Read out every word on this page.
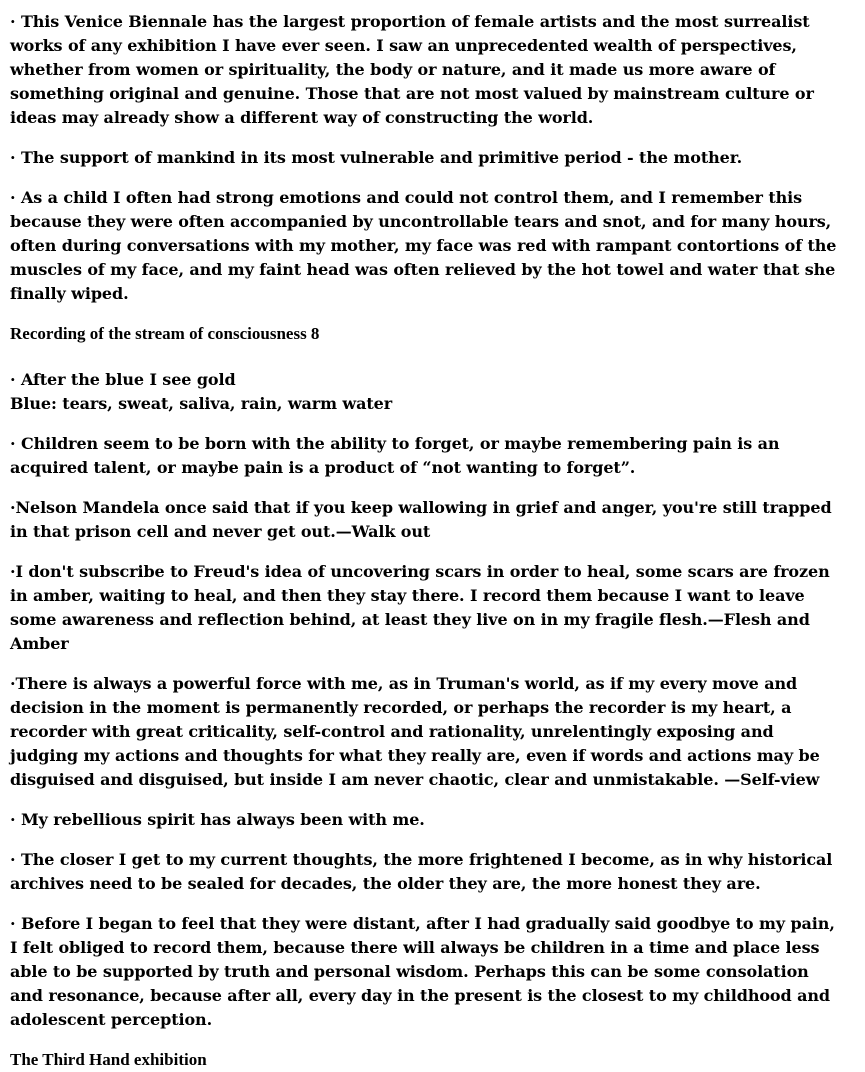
· This Venice Biennale has the largest proportion of female artists and the most surrealist works of any exhibition I have ever seen. I saw an unprecedented wealth of perspectives, whether from women or spirituality, the body or nature, and it made us more aware of something original and genuine. Those that are not most valued by mainstream culture or ideas may already show a different way of constructing the world.

· The support of mankind in its most vulnerable and primitive period - the mother.

· As a child I often had strong emotions and could not control them, and I remember this because they were often accompanied by uncontrollable tears and snot, and for many hours, often during conversations with my mother, my face was red with rampant contortions of the muscles of my face, and my faint head was often relieved by the hot towel and water that she finally wiped.

Recording of the stream of consciousness 8

· After the blue I see gold
Blue: tears, sweat, saliva, rain, warm water

· Children seem to be born with the ability to forget, or maybe remembering pain is an acquired talent, or maybe pain is a product of “not wanting to forget”.

·Nelson Mandela once said that if you keep wallowing in grief and anger, you're still trapped in that prison cell and never get out.—Walk out

·I don't subscribe to Freud's idea of uncovering scars in order to heal, some scars are frozen in amber, waiting to heal, and then they stay there. I record them because I want to leave some awareness and reflection behind, at least they live on in my fragile flesh.—Flesh and Amber

·There is always a powerful force with me, as in Truman's world, as if my every move and decision in the moment is permanently recorded, or perhaps the recorder is my heart, a recorder with great criticality, self-control and rationality, unrelentingly exposing and judging my actions and thoughts for what they really are, even if words and actions may be disguised and disguised, but inside I am never chaotic, clear and unmistakable. —Self-view

· My rebellious spirit has always been with me.

· The closer I get to my current thoughts, the more frightened I become, as in why historical archives need to be sealed for decades, the older they are, the more honest they are.

· Before I began to feel that they were distant, after I had gradually said goodbye to my pain, I felt obliged to record them, because there will always be children in a time and place less able to be supported by truth and personal wisdom. Perhaps this can be some consolation and resonance, because after all, every day in the present is the closest to my childhood and adolescent perception.

The Third Hand exhibition
